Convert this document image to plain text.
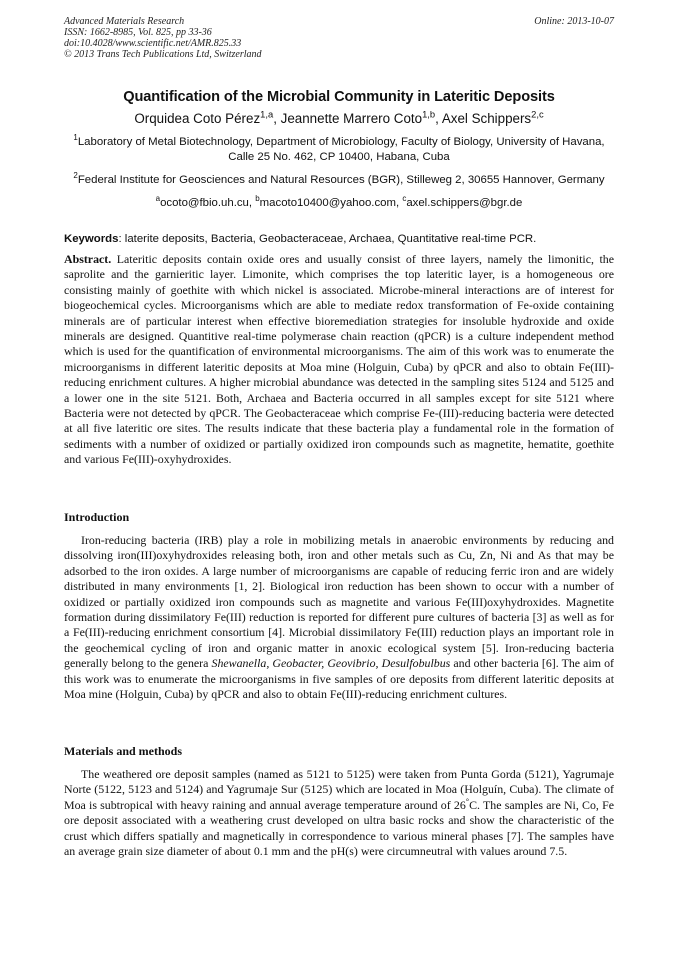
Advanced Materials Research
ISSN: 1662-8985, Vol. 825, pp 33-36
doi:10.4028/www.scientific.net/AMR.825.33
© 2013 Trans Tech Publications Ltd, Switzerland
Online: 2013-10-07
Quantification of the Microbial Community in Lateritic Deposits
Orquidea Coto Pérez$^{1,a}$, Jeannette Marrero Coto$^{1,b}$, Axel Schippers$^{2,c}$
$^1$Laboratory of Metal Biotechnology, Department of Microbiology, Faculty of Biology, University of Havana, Calle 25 No. 462, CP 10400, Habana, Cuba
$^2$Federal Institute for Geosciences and Natural Resources (BGR), Stilleweg 2, 30655 Hannover, Germany
$^a$ocoto@fbio.uh.cu, $^b$macoto10400@yahoo.com, $^c$axel.schippers@bgr.de
Keywords: laterite deposits, Bacteria, Geobacteraceae, Archaea, Quantitative real-time PCR.
Abstract. Lateritic deposits contain oxide ores and usually consist of three layers, namely the limonitic, the saprolite and the garnieritic layer. Limonite, which comprises the top lateritic layer, is a homogeneous ore consisting mainly of goethite with which nickel is associated. Microbe-mineral interactions are of interest for biogeochemical cycles. Microorganisms which are able to mediate redox transformation of Fe-oxide containing minerals are of particular interest when effective bioremediation strategies for insoluble hydroxide and oxide minerals are designed. Quantitive real-time polymerase chain reaction (qPCR) is a culture independent method which is used for the quantification of environmental microorganisms. The aim of this work was to enumerate the microorganisms in different lateritic deposits at Moa mine (Holguin, Cuba) by qPCR and also to obtain Fe(III)-reducing enrichment cultures. A higher microbial abundance was detected in the sampling sites 5124 and 5125 and a lower one in the site 5121. Both, Archaea and Bacteria occurred in all samples except for site 5121 where Bacteria were not detected by qPCR. The Geobacteraceae which comprise Fe-(III)-reducing bacteria were detected at all five lateritic ore sites. The results indicate that these bacteria play a fundamental role in the formation of sediments with a number of oxidized or partially oxidized iron compounds such as magnetite, hematite, goethite and various Fe(III)-oxyhydroxides.
Introduction
Iron-reducing bacteria (IRB) play a role in mobilizing metals in anaerobic environments by reducing and dissolving iron(III)oxyhydroxides releasing both, iron and other metals such as Cu, Zn, Ni and As that may be adsorbed to the iron oxides. A large number of microorganisms are capable of reducing ferric iron and are widely distributed in many environments [1, 2]. Biological iron reduction has been shown to occur with a number of oxidized or partially oxidized iron compounds such as magnetite and various Fe(III)oxyhydroxides. Magnetite formation during dissimilatory Fe(III) reduction is reported for different pure cultures of bacteria [3] as well as for a Fe(III)-reducing enrichment consortium [4]. Microbial dissimilatory Fe(III) reduction plays an important role in the geochemical cycling of iron and organic matter in anoxic ecological system [5]. Iron-reducing bacteria generally belong to the genera Shewanella, Geobacter, Geovibrio, Desulfobulbus and other bacteria [6]. The aim of this work was to enumerate the microorganisms in five samples of ore deposits from different lateritic deposits at Moa mine (Holguin, Cuba) by qPCR and also to obtain Fe(III)-reducing enrichment cultures.
Materials and methods
The weathered ore deposit samples (named as 5121 to 5125) were taken from Punta Gorda (5121), Yagrumaje Norte (5122, 5123 and 5124) and Yagrumaje Sur (5125) which are located in Moa (Holguín, Cuba). The climate of Moa is subtropical with heavy raining and annual average temperature around of 26°C. The samples are Ni, Co, Fe ore deposit associated with a weathering crust developed on ultra basic rocks and show the characteristic of the crust which differs spatially and magnetically in correspondence to various mineral phases [7]. The samples have an average grain size diameter of about 0.1 mm and the pH(s) were circumneutral with values around 7.5.
